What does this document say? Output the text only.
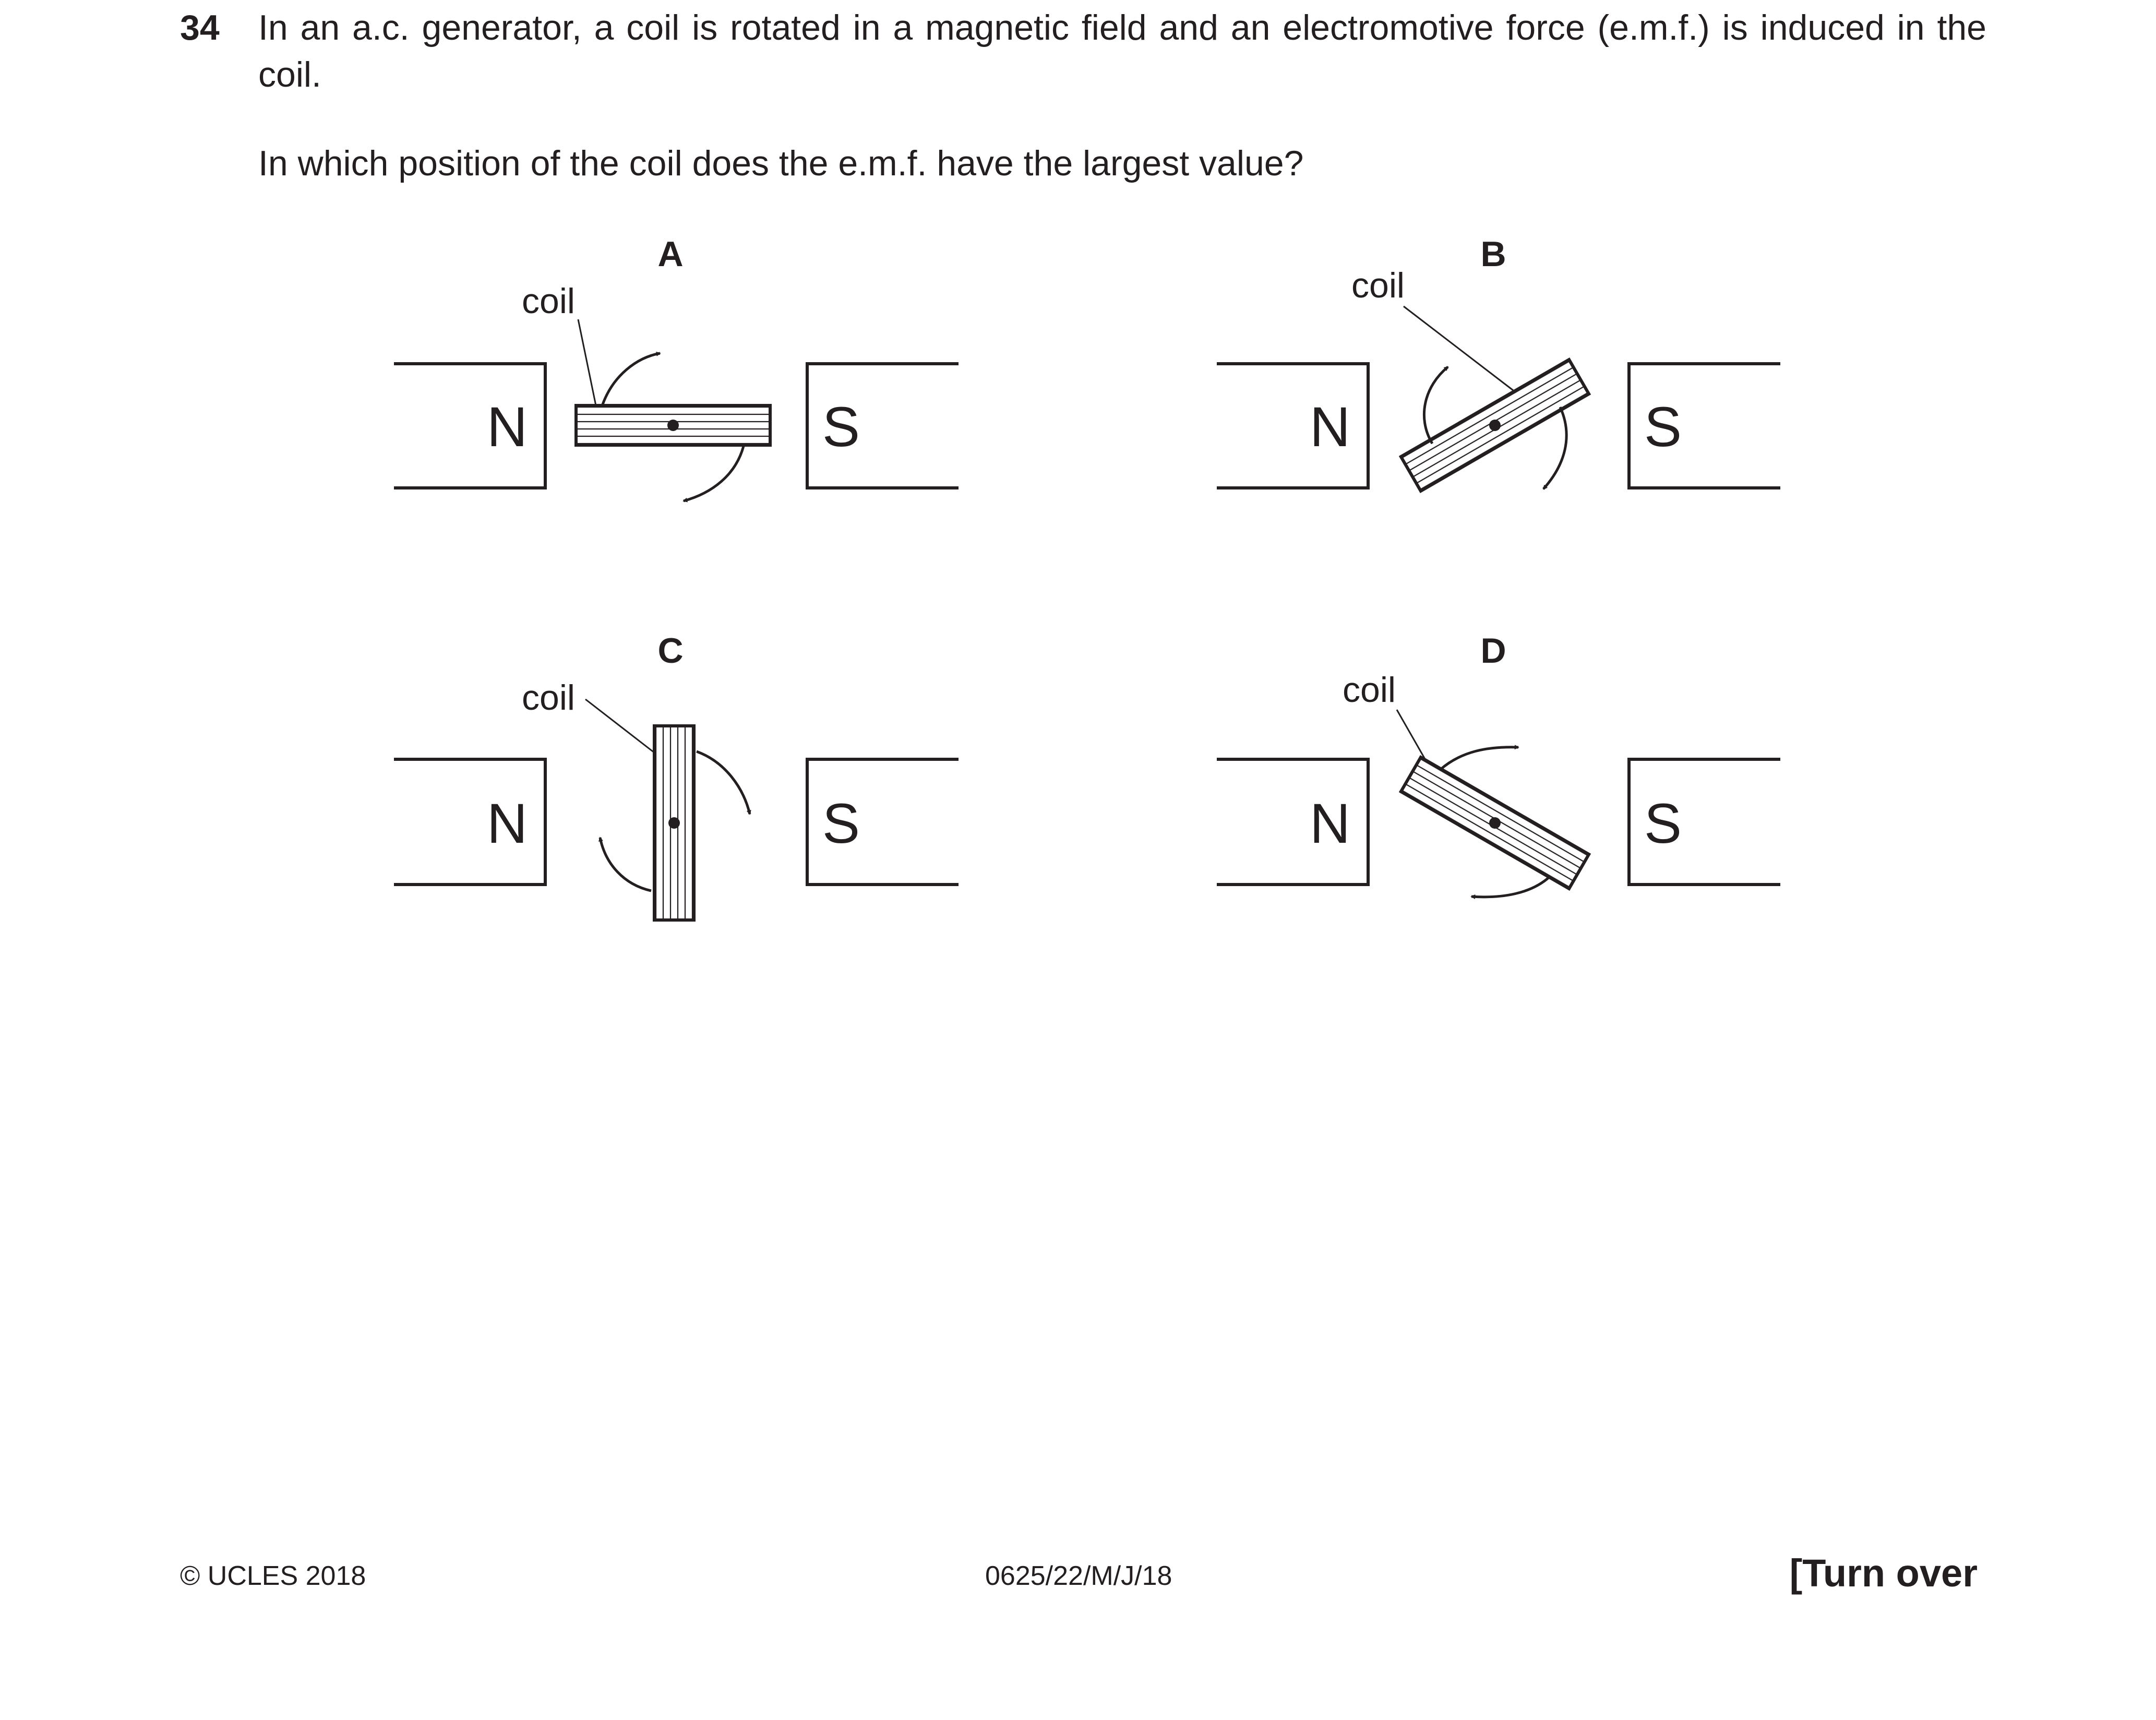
34 In an a.c. generator, a coil is rotated in a magnetic field and an electromotive force (e.m.f.) is induced in the coil.
In which position of the coil does the e.m.f. have the largest value?
A
N	S
coil
B
N	S
coil
C
N	S
coil
D
N	S
coil
© UCLES 2018	0625/22/M/J/18	[Turn over
